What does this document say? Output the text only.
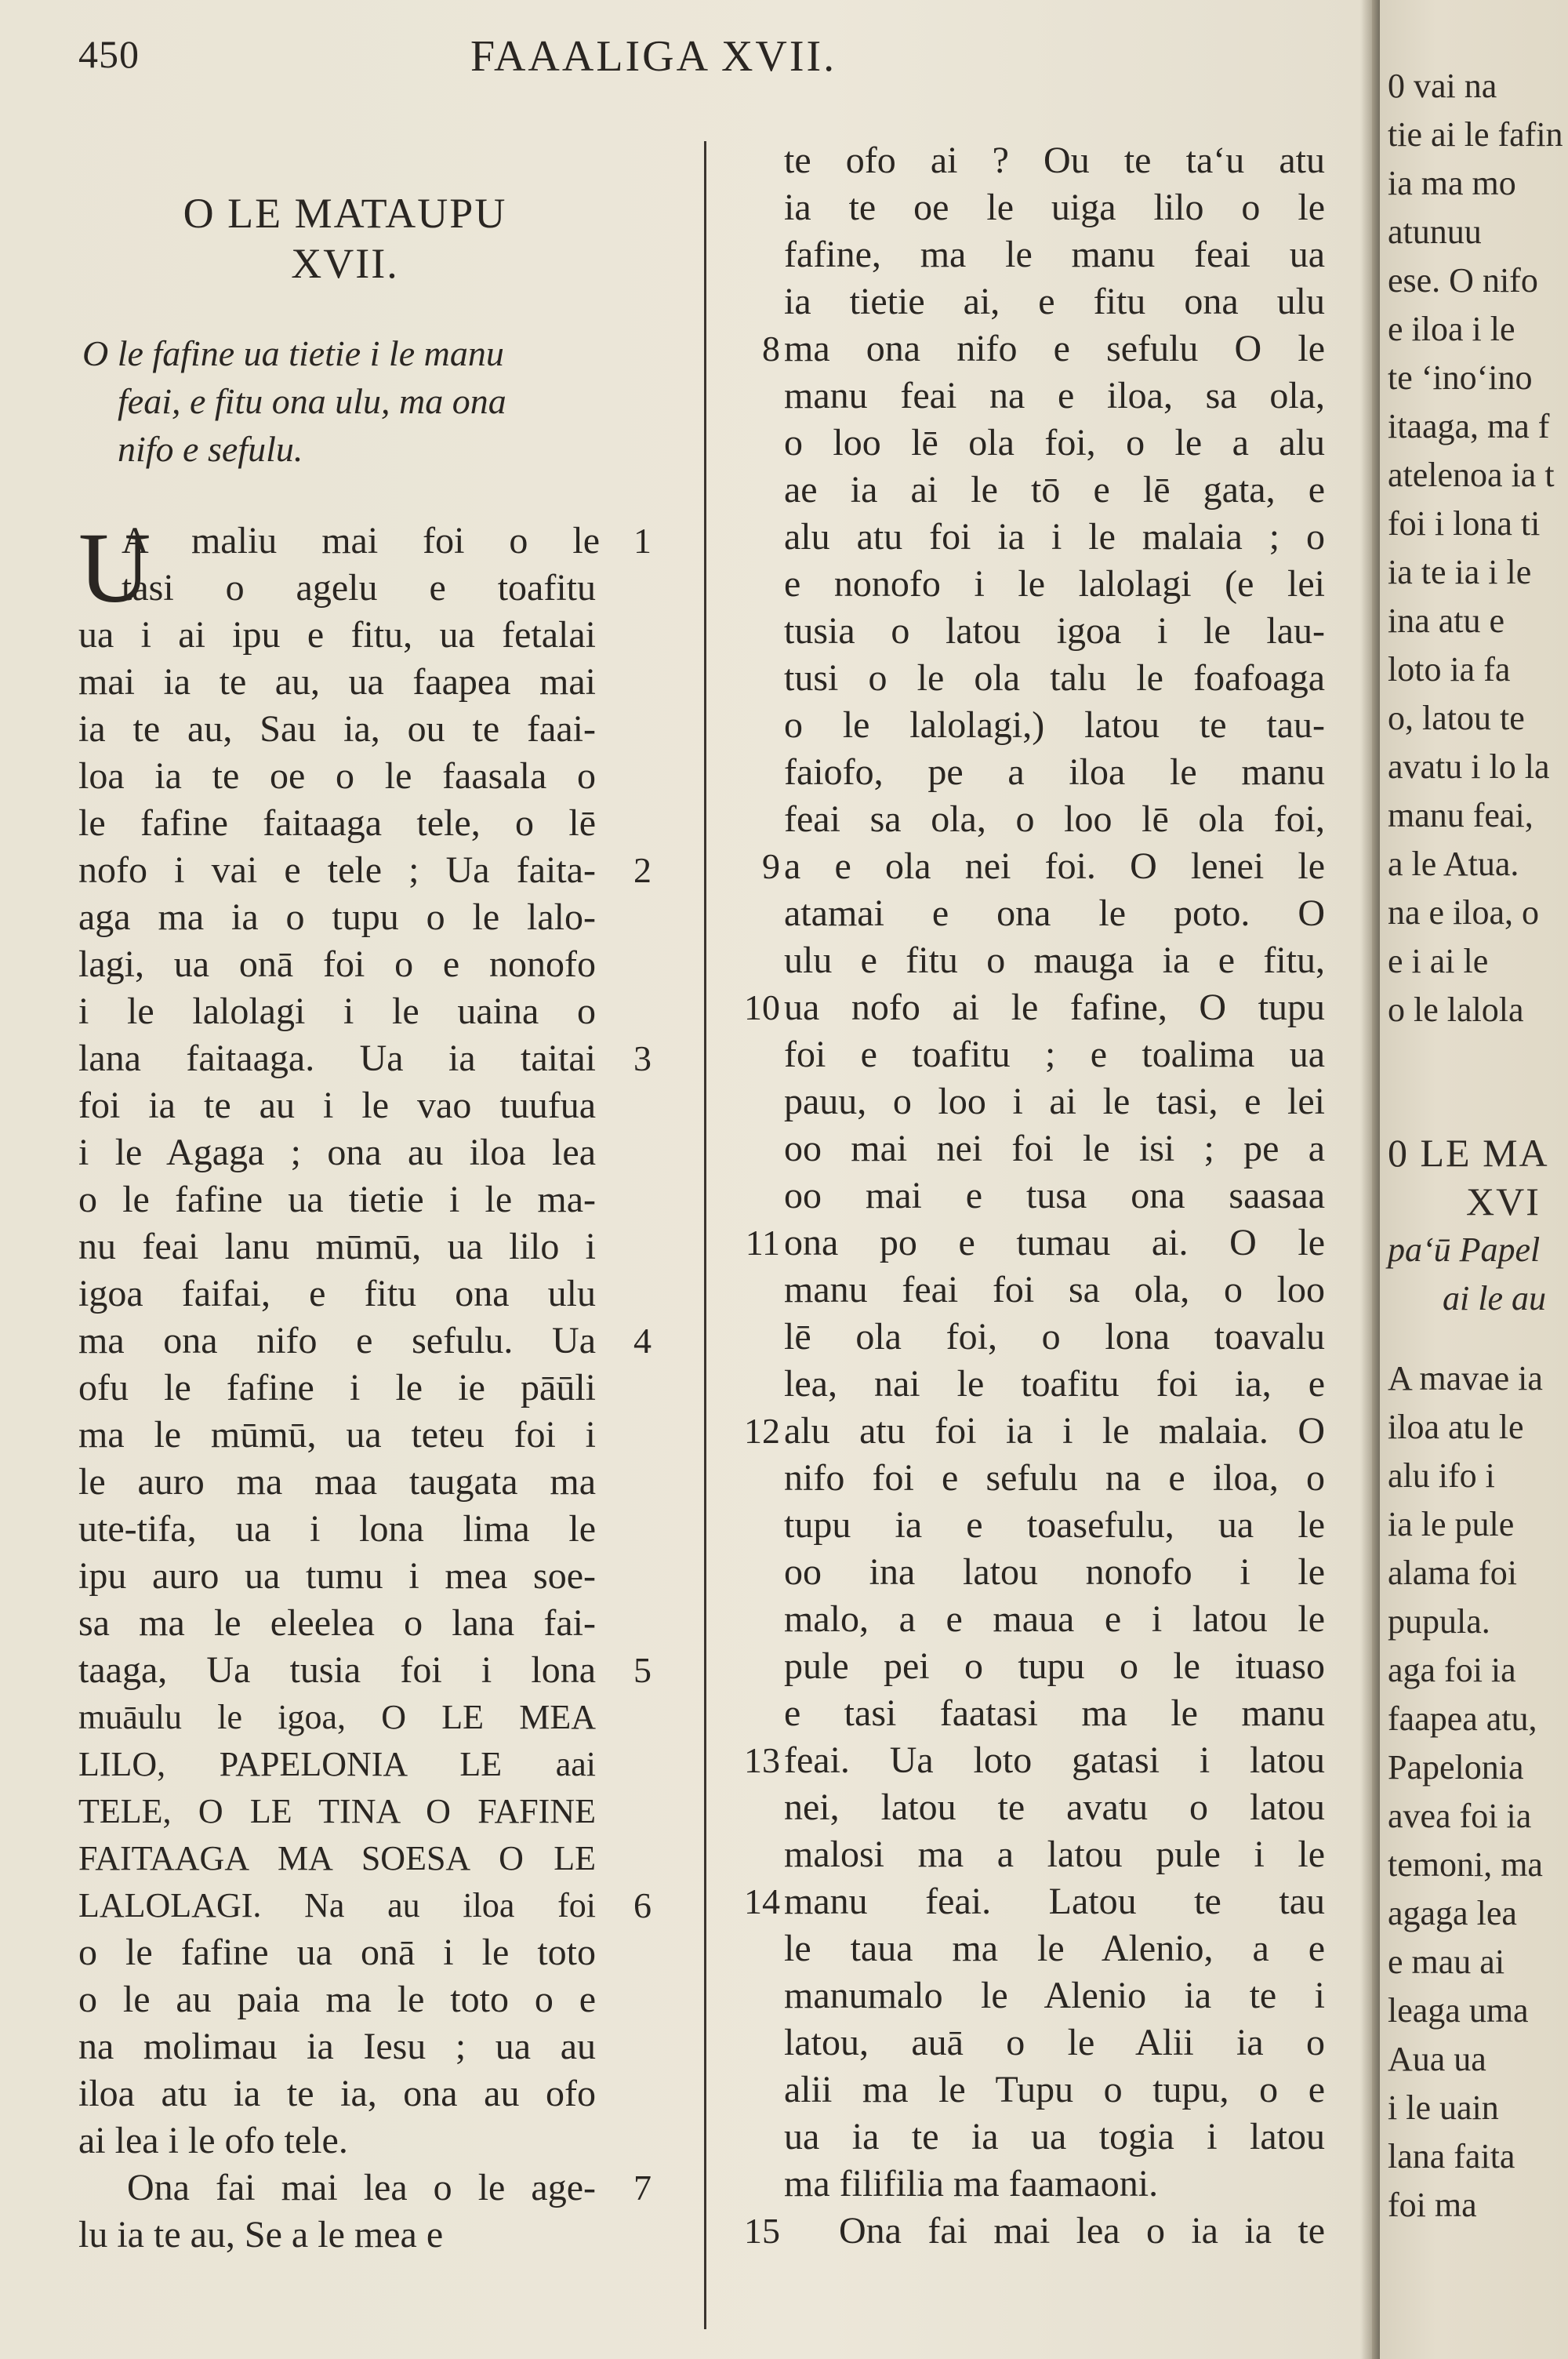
450	FAAALIGA XVII.
O LE MATAUPU
XVII.
O le fafine ua tietie i le manu
feai, e fitu ona ulu, ma ona
nifo e sefulu.
U
A maliu mai foi o le
tasi o agelu e toafitu
ua i ai ipu e fitu, ua fetalai
mai ia te au, ua faapea mai
ia te au, Sau ia, ou te faai-
loa ia te oe o le faasala o
le fafine faitaaga tele, o lē
nofo i vai e tele ; Ua faita-
aga ma ia o tupu o le lalo-
lagi, ua onā foi o e nonofo
i le lalolagi i le uaina o
lana faitaaga. Ua ia taitai
foi ia te au i le vao tuufua
i le Agaga ; ona au iloa lea
o le fafine ua tietie i le ma-
nu feai lanu mūmū, ua lilo i
igoa faifai, e fitu ona ulu
ma ona nifo e sefulu. Ua
ofu le fafine i le ie pāūli
ma le mūmū, ua teteu foi i
le auro ma maa taugata ma
ute-tifa, ua i lona lima le
ipu auro ua tumu i mea soe-
sa ma le eleelea o lana fai-
taaga, Ua tusia foi i lona
muāulu le igoa, O LE MEA
LILO, PAPELONIA LE aai
TELE, O LE TINA O FAFINE
FAITAAGA MA SOESA O LE
LALOLAGI. Na au iloa foi
o le fafine ua onā i le toto
o le au paia ma le toto o e
na molimau ia Iesu ; ua au
iloa atu ia te ia, ona au ofo
ai lea i le ofo tele.
Ona fai mai lea o le age-
lu ia te au, Se a le mea e
1
2
3
4
5
6
7
te ofo ai ? Ou te ta‘u atu
ia te oe le uiga lilo o le
fafine, ma le manu feai ua
ia tietie ai, e fitu ona ulu
ma ona nifo e sefulu O le
manu feai na e iloa, sa ola,
o loo lē ola foi, o le a alu
ae ia ai le tō e lē gata, e
alu atu foi ia i le malaia ; o
e nonofo i le lalolagi (e lei
tusia o latou igoa i le lau-
tusi o le ola talu le foafoaga
o le lalolagi,) latou te tau-
faiofo, pe a iloa le manu
feai sa ola, o loo lē ola foi,
a e ola nei foi. O lenei le
atamai e ona le poto. O
ulu e fitu o mauga ia e fitu,
ua nofo ai le fafine, O tupu
foi e toafitu ; e toalima ua
pauu, o loo i ai le tasi, e lei
oo mai nei foi le isi ; pe a
oo mai e tusa ona saasaa
ona po e tumau ai. O le
manu feai foi sa ola, o loo
lē ola foi, o lona toavalu
lea, nai le toafitu foi ia, e
alu atu foi ia i le malaia. O
nifo foi e sefulu na e iloa, o
tupu ia e toasefulu, ua le
oo ina latou nonofo i le
malo, a e maua e i latou le
pule pei o tupu o le ituaso
e tasi faatasi ma le manu
feai. Ua loto gatasi i latou
nei, latou te avatu o latou
malosi ma a latou pule i le
manu feai. Latou te tau
le taua ma le Alenio, a e
manumalo le Alenio ia te i
latou, auā o le Alii ia o
alii ma le Tupu o tupu, o e
ua ia te ia ua togia i latou
ma filifilia ma faamaoni.
Ona fai mai lea o ia ia te
8
9
10
11
12
13
14
15
0 vai na
tie ai le fafin
ia ma mo
atunuu
ese. O nifo
e iloa i le
te ‘ino‘ino
itaaga, ma f
atelenoa ia t
foi i lona ti
ia te ia i le
ina atu e
loto ia fa
o, latou te
avatu i lo la
manu feai,
a le Atua.
na e iloa, o
e i ai le
o le lalola
0 LE MA
XVI
pa‘ū Papel
ai le au
A mavae ia
iloa atu le
alu ifo i
ia le pule
alama foi
pupula.
aga foi ia
faapea atu,
Papelonia
avea foi ia
temoni, ma
agaga lea
e mau ai
leaga uma
Aua ua
i le uain
lana faita
foi ma
